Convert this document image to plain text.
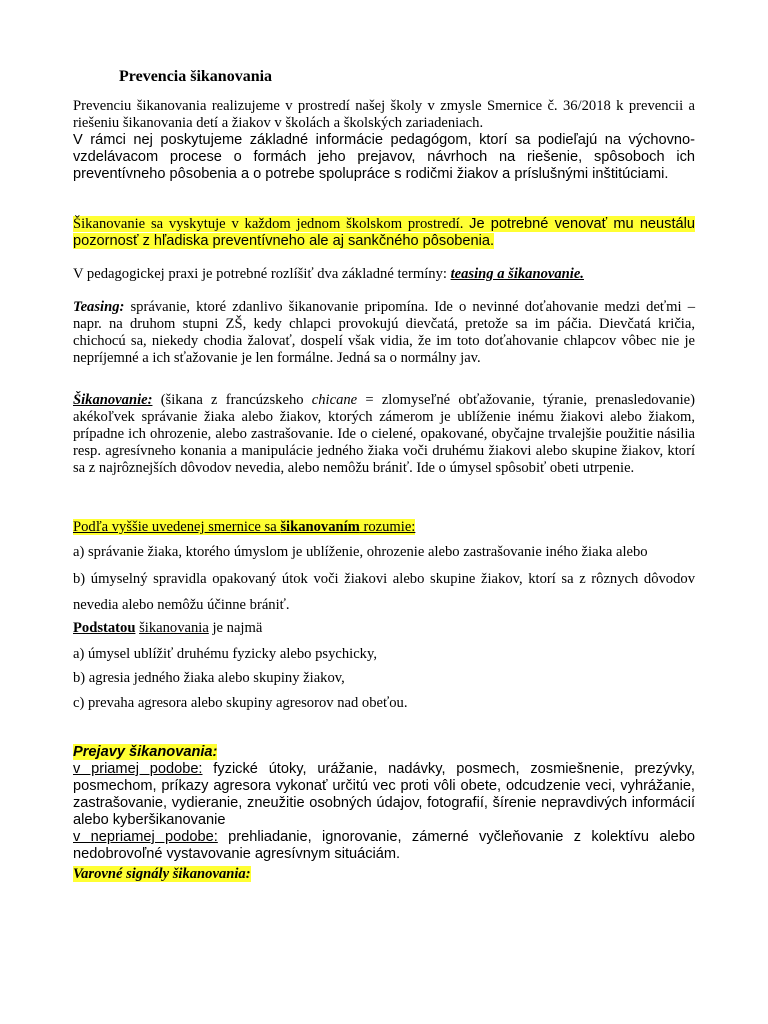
Prevencia šikanovania

Prevenciu šikanovania realizujeme v prostredí našej školy v zmysle Smernice č. 36/2018 k prevencii a riešeniu šikanovania detí a žiakov v školách a školských zariadeniach.

V rámci nej poskytujeme základné informácie pedagógom, ktorí sa podieľajú na výchovno-vzdelávacom procese o formách jeho prejavov, návrhoch na riešenie, spôsoboch ich preventívneho pôsobenia a o potrebe spolupráce s rodičmi žiakov a príslušnými inštitúciami.

Šikanovanie sa vyskytuje v každom jednom školskom prostredí. Je potrebné venovať mu neustálu pozornosť z hľadiska preventívneho ale aj sankčného pôsobenia.

V pedagogickej praxi je potrebné rozlíšiť dva základné termíny: teasing a šikanovanie.

Teasing: správanie, ktoré zdanlivo šikanovanie pripomína. Ide o nevinné doťahovanie medzi deťmi – napr. na druhom stupni ZŠ, kedy chlapci provokujú dievčatá, pretože sa im páčia. Dievčatá kričia, chichocú sa, niekedy chodia žalovať, dospelí však vidia, že im toto doťahovanie chlapcov vôbec nie je nepríjemné a ich sťažovanie je len formálne. Jedná sa o normálny jav.

Šikanovanie: (šikana z francúzskeho chicane = zlomyseľné obťažovanie, týranie, prenasledovanie) akékoľvek správanie žiaka alebo žiakov, ktorých zámerom je ublíženie inému žiakovi alebo žiakom, prípadne ich ohrozenie, alebo zastrašovanie. Ide o cielené, opakované, obyčajne trvalejšie použitie násilia resp. agresívneho konania a manipulácie jedného žiaka voči druhému žiakovi alebo skupine žiakov, ktorí sa z najrôznejších dôvodov nevedia, alebo nemôžu brániť. Ide o úmysel spôsobiť obeti utrpenie.

Podľa vyššie uvedenej smernice sa šikanovaním rozumie:

a) správanie žiaka, ktorého úmyslom je ublíženie, ohrozenie alebo zastrašovanie iného žiaka alebo

b) úmyselný spravidla opakovaný útok voči žiakovi alebo skupine žiakov, ktorí sa z rôznych dôvodov nevedia alebo nemôžu účinne brániť.

Podstatou šikanovania je najmä

a) úmysel ublížiť druhému fyzicky alebo psychicky,

b) agresia jedného žiaka alebo skupiny žiakov,

c) prevaha agresora alebo skupiny agresorov nad obeťou.

Prejavy šikanovania:

v priamej podobe: fyzické útoky, urážanie, nadávky, posmech, zosmiešnenie, prezývky, posmechom, príkazy agresora vykonať určitú vec proti vôli obete, odcudzenie veci, vyhrážanie, zastrašovanie, vydieranie, zneužitie osobných údajov, fotografií, šírenie nepravdivých informácií alebo kyberšikanovanie

v nepriamej podobe: prehliadanie, ignorovanie, zámerné vyčleňovanie z kolektívu alebo nedobrovoľné vystavovanie agresívnym situáciám.

Varovné signály šikanovania:
